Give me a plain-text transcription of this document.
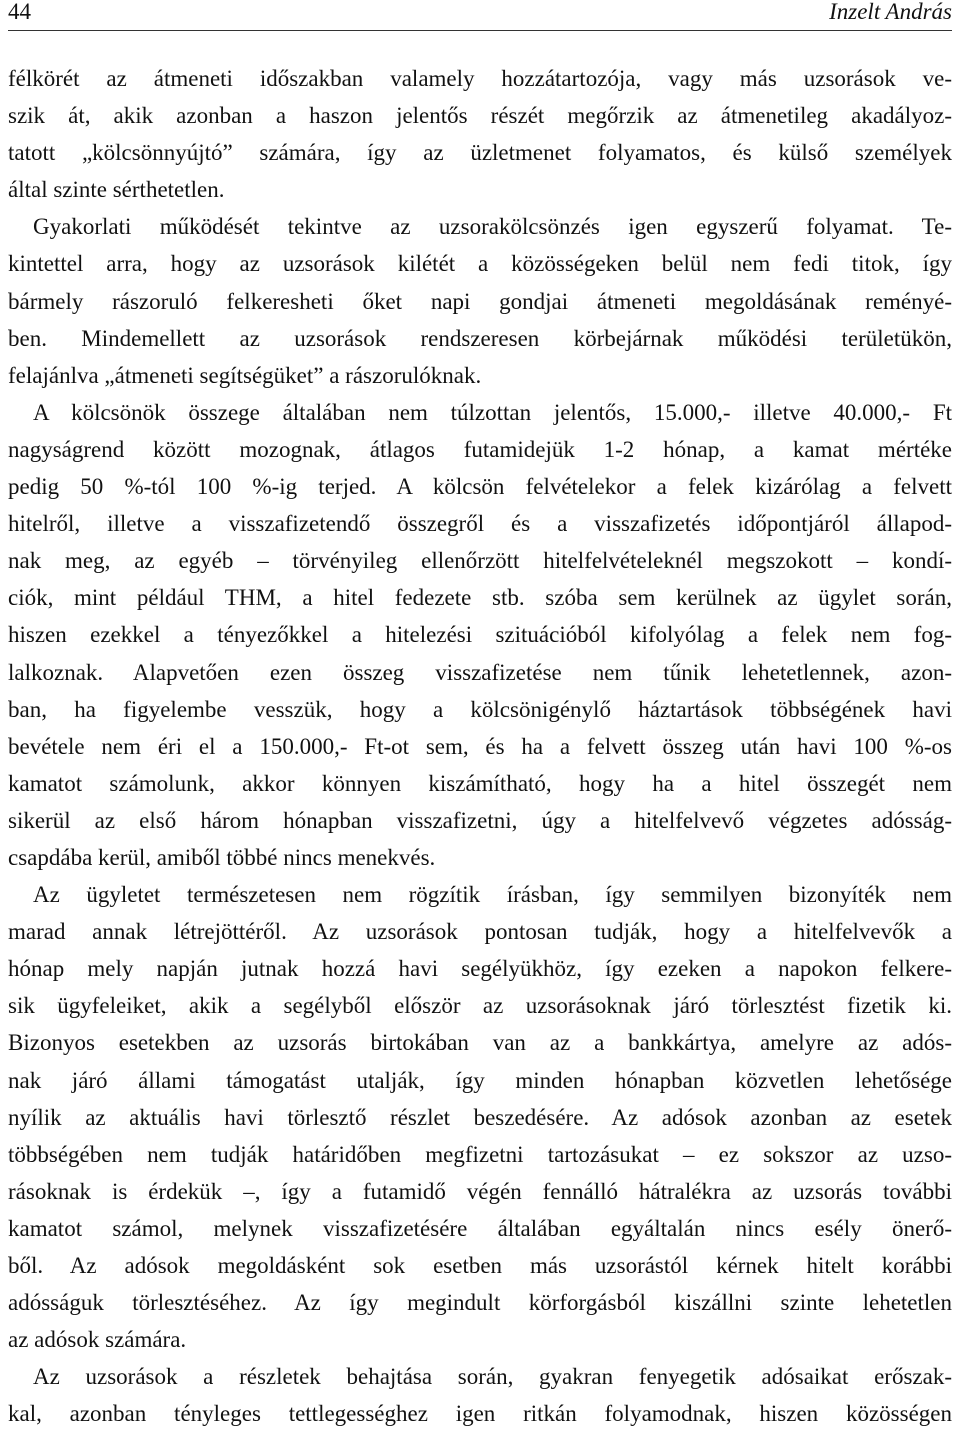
44	Inzelt András
félkörét az átmeneti időszakban valamely hozzátartozója, vagy más uzsorások ve-
szik át, akik azonban a haszon jelentős részét megőrzik az átmenetileg akadályoz-
tatott „kölcsönnyújtó” számára, így az üzletmenet folyamatos, és külső személyek
által szinte sérthetetlen.
Gyakorlati működését tekintve az uzsorakölcsönzés igen egyszerű folyamat. Te-
kintettel arra, hogy az uzsorások kilétét a közösségeken belül nem fedi titok, így
bármely rászoruló felkeresheti őket napi gondjai átmeneti megoldásának reményé-
ben. Mindemellett az uzsorások rendszeresen körbejárnak működési területükön,
felajánlva „átmeneti segítségüket” a rászorulóknak.
A kölcsönök összege általában nem túlzottan jelentős, 15.000,- illetve 40.000,- Ft
nagyságrend között mozognak, átlagos futamidejük 1-2 hónap, a kamat mértéke
pedig 50 %-tól 100 %-ig terjed. A kölcsön felvételekor a felek kizárólag a felvett
hitelről, illetve a visszafizetendő összegről és a visszafizetés időpontjáról állapod-
nak meg, az egyéb – törvényileg ellenőrzött hitelfelvételeknél megszokott – kondí-
ciók, mint például THM, a hitel fedezete stb. szóba sem kerülnek az ügylet során,
hiszen ezekkel a tényezőkkel a hitelezési szituációból kifolyólag a felek nem fog-
lalkoznak. Alapvetően ezen összeg visszafizetése nem tűnik lehetetlennek, azon-
ban, ha figyelembe vesszük, hogy a kölcsönigénylő háztartások többségének havi
bevétele nem éri el a 150.000,- Ft-ot sem, és ha a felvett összeg után havi 100 %-os
kamatot számolunk, akkor könnyen kiszámítható, hogy ha a hitel összegét nem
sikerül az első három hónapban visszafizetni, úgy a hitelfelvevő végzetes adósság-
csapdába kerül, amiből többé nincs menekvés.
Az ügyletet természetesen nem rögzítik írásban, így semmilyen bizonyíték nem
marad annak létrejöttéről. Az uzsorások pontosan tudják, hogy a hitelfelvevők a
hónap mely napján jutnak hozzá havi segélyükhöz, így ezeken a napokon felkere-
sik ügyfeleiket, akik a segélyből először az uzsorásoknak járó törlesztést fizetik ki.
Bizonyos esetekben az uzsorás birtokában van az a bankkártya, amelyre az adós-
nak járó állami támogatást utalják, így minden hónapban közvetlen lehetősége
nyílik az aktuális havi törlesztő részlet beszedésére. Az adósok azonban az esetek
többségében nem tudják határidőben megfizetni tartozásukat – ez sokszor az uzso-
rásoknak is érdekük –, így a futamidő végén fennálló hátralékra az uzsorás további
kamatot számol, melynek visszafizetésére általában egyáltalán nincs esély önerő-
ből. Az adósok megoldásként sok esetben más uzsorástól kérnek hitelt korábbi
adósságuk törlesztéséhez. Az így megindult körforgásból kiszállni szinte lehetetlen
az adósok számára.
Az uzsorások a részletek behajtása során, gyakran fenyegetik adósaikat erőszak-
kal, azonban tényleges tettlegességhez igen ritkán folyamodnak, hiszen közösségen
